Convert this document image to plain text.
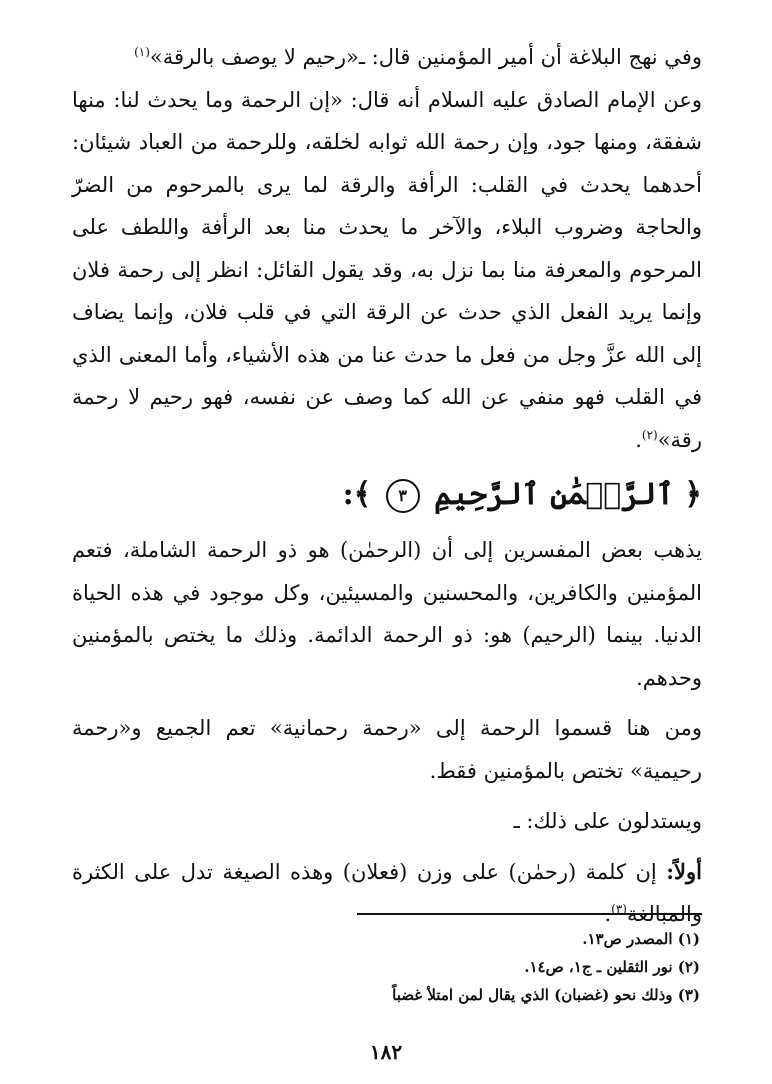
وفي نهج البلاغة أن أمير المؤمنين قال: ـ«رحيم لا يوصف بالرقة»$^{(١)}$

وعن الإمام الصادق عليه السلام أنه قال: «إن الرحمة وما يحدث لنا: منها شفقة، ومنها جود، وإن رحمة الله ثوابه لخلقه، وللرحمة من العباد شيئان: أحدهما يحدث في القلب: الرأفة والرقة لما يرى بالمرحوم من الضرّ والحاجة وضروب البلاء، والآخر ما يحدث منا بعد الرأفة واللطف على المرحوم والمعرفة منا بما نزل به، وقد يقول القائل: انظر إلى رحمة فلان وإنما يريد الفعل الذي حدث عن الرقة التي في قلب فلان، وإنما يضاف إلى الله عزَّ وجل من فعل ما حدث عنا من هذه الأشياء، وأما المعنى الذي في القلب فهو منفي عن الله كما وصف عن نفسه، فهو رحيم لا رحمة رقة»$^{(٢)}$.

﴿ ٱلرَّحۡمَٰنِ ٱلرَّحِيمِ ٣ ﴾:

يذهب بعض المفسرين إلى أن (الرحمٰن) هو ذو الرحمة الشاملة، فتعم المؤمنين والكافرين، والمحسنين والمسيئين، وكل موجود في هذه الحياة الدنيا. بينما (الرحيم) هو: ذو الرحمة الدائمة. وذلك ما يختص بالمؤمنين وحدهم.

ومن هنا قسموا الرحمة إلى «رحمة رحمانية» تعم الجميع و«رحمة رحيمية» تختص بالمؤمنين فقط.

ويستدلون على ذلك: ـ

أولاً: إن كلمة (رحمٰن) على وزن (فعلان) وهذه الصيغة تدل على الكثرة والمبالغة$^{(٣)}$.

(١) المصدر ص١٣.

(٢) نور الثقلين ـ ج١، ص١٤.

(٣) وذلك نحو (غضبان) الذي يقال لمن امتلأ غضباً

١٨٢
